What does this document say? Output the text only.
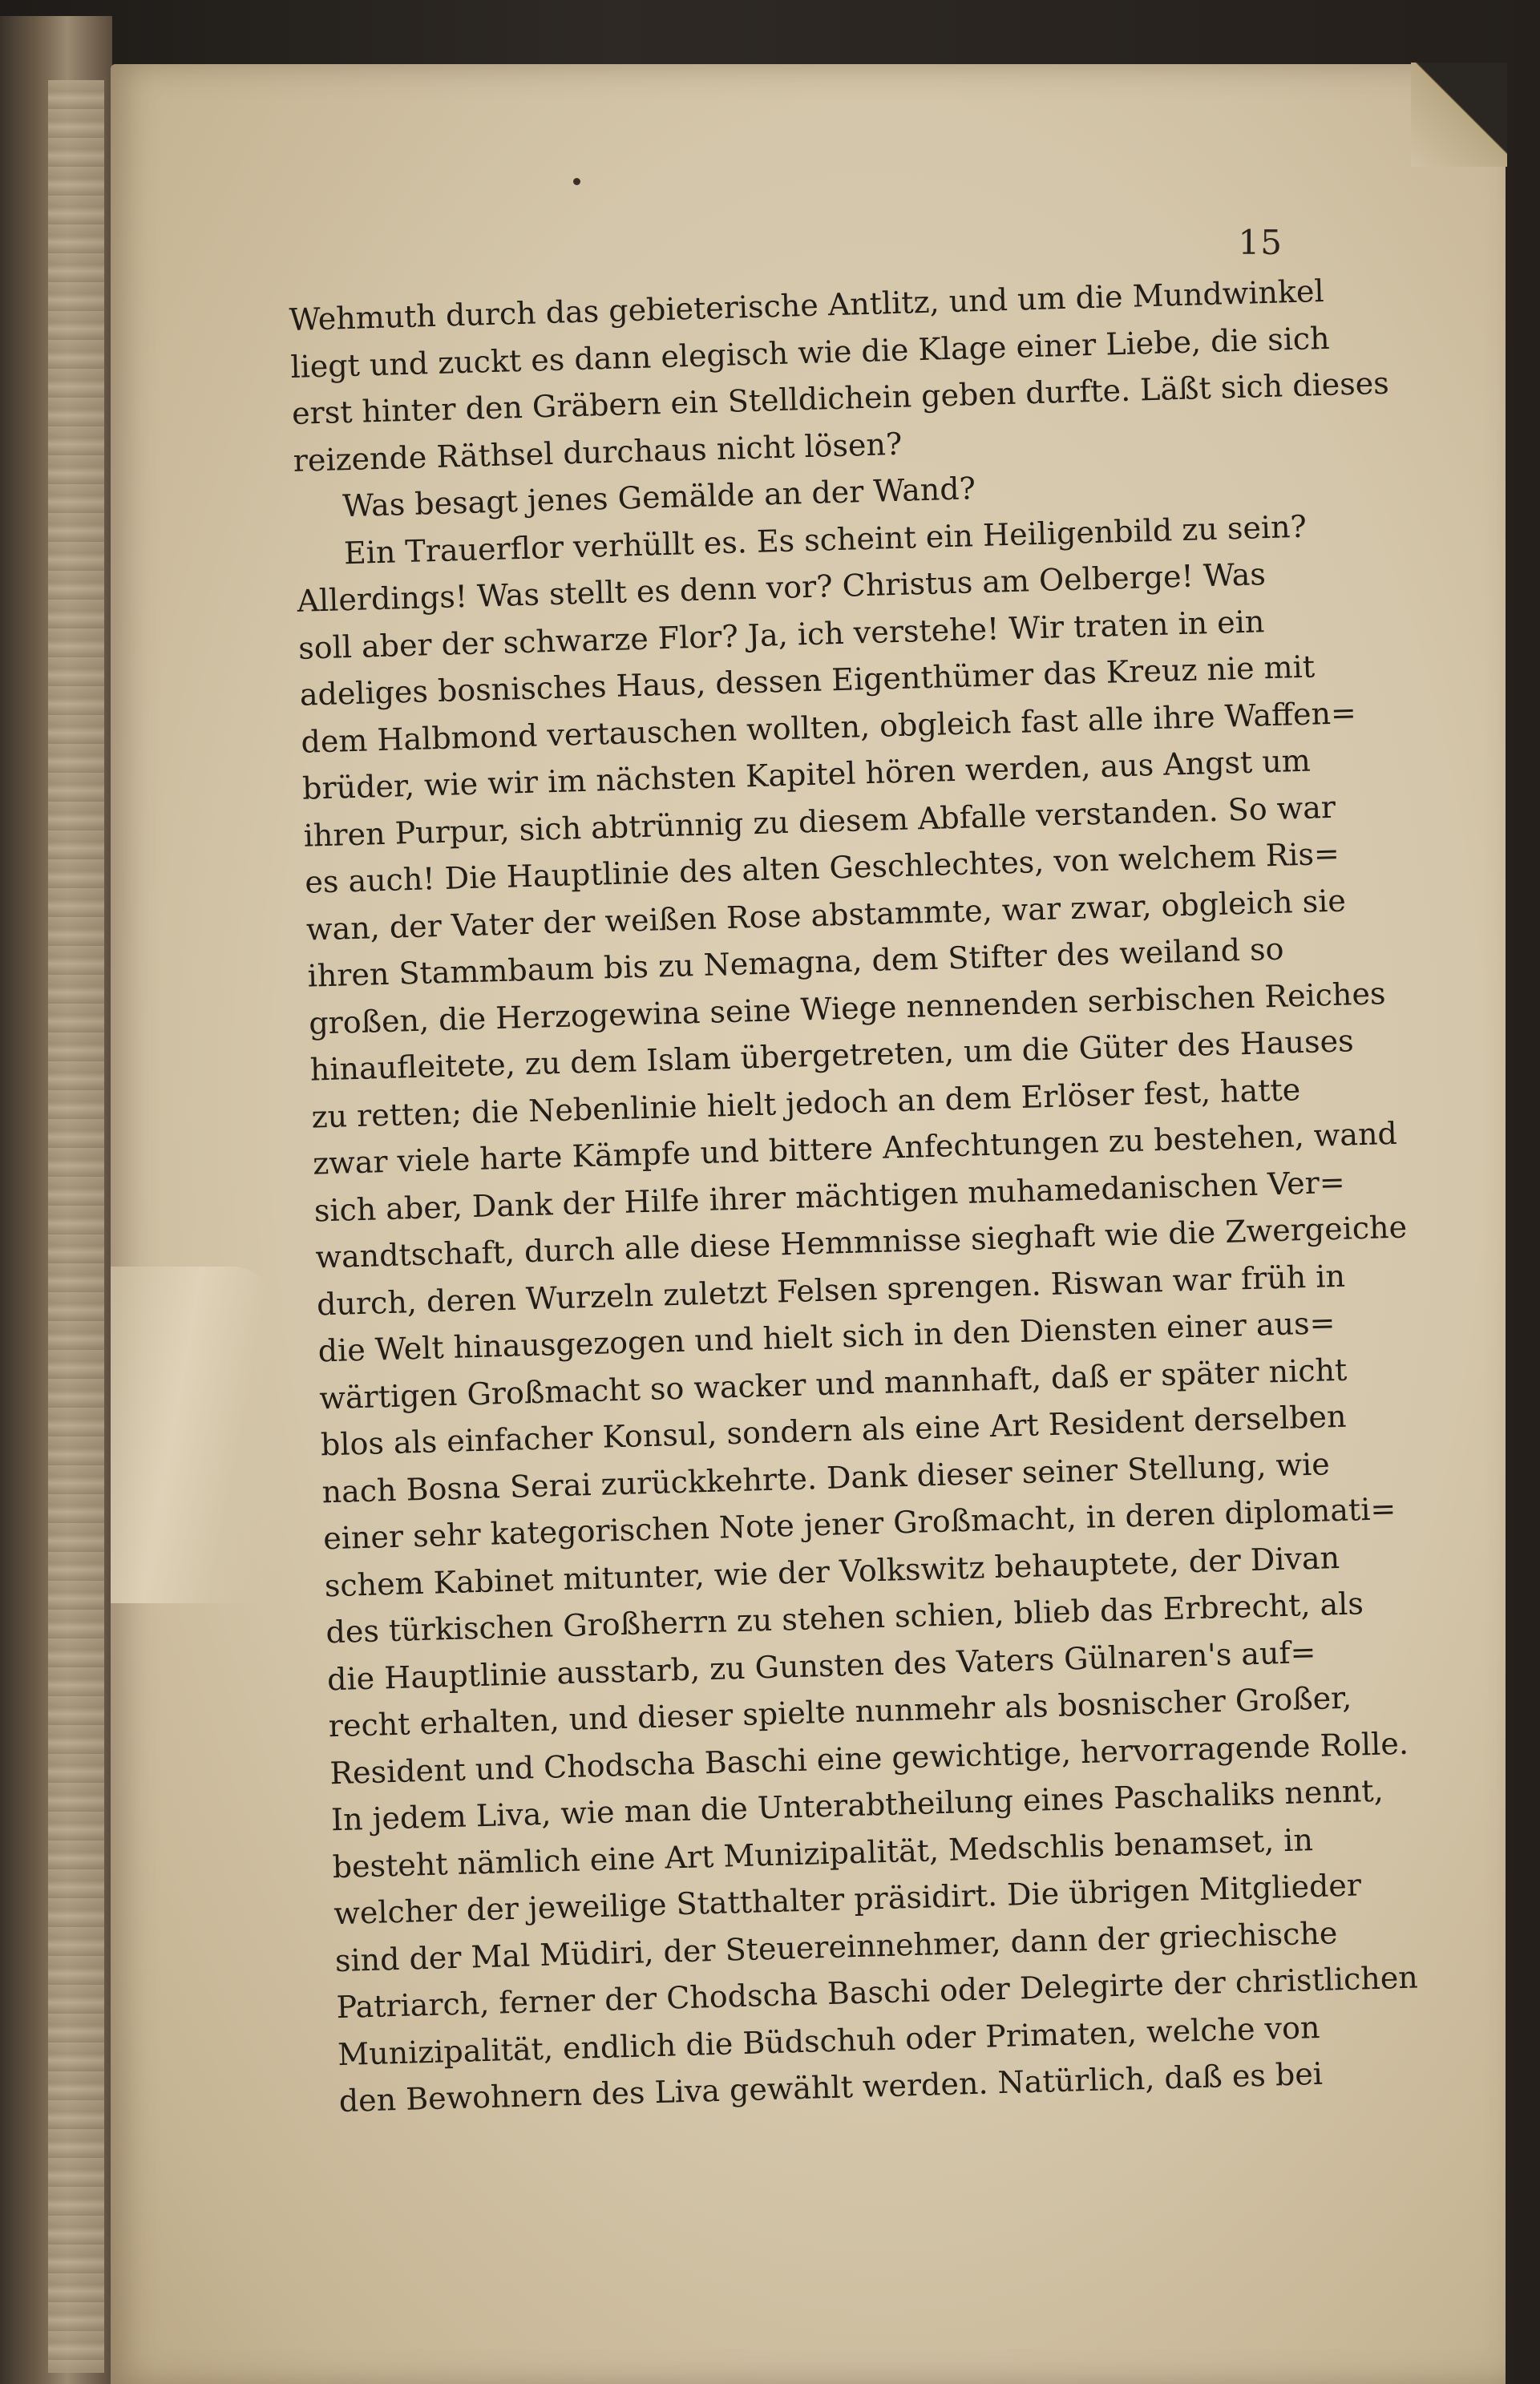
15
Wehmuth durch das gebieterische Antlitz, und um die Mundwinkel
liegt und zuckt es dann elegisch wie die Klage einer Liebe, die sich
erst hinter den Gräbern ein Stelldichein geben durfte. Läßt sich dieses
reizende Räthsel durchaus nicht lösen?
Was besagt jenes Gemälde an der Wand?
Ein Trauerflor verhüllt es. Es scheint ein Heiligenbild zu sein?
Allerdings! Was stellt es denn vor? Christus am Oelberge! Was
soll aber der schwarze Flor? Ja, ich verstehe! Wir traten in ein
adeliges bosnisches Haus, dessen Eigenthümer das Kreuz nie mit
dem Halbmond vertauschen wollten, obgleich fast alle ihre Waffen=
brüder, wie wir im nächsten Kapitel hören werden, aus Angst um
ihren Purpur, sich abtrünnig zu diesem Abfalle verstanden. So war
es auch! Die Hauptlinie des alten Geschlechtes, von welchem Ris=
wan, der Vater der weißen Rose abstammte, war zwar, obgleich sie
ihren Stammbaum bis zu Nemagna, dem Stifter des weiland so
großen, die Herzogewina seine Wiege nennenden serbischen Reiches
hinaufleitete, zu dem Islam übergetreten, um die Güter des Hauses
zu retten; die Nebenlinie hielt jedoch an dem Erlöser fest, hatte
zwar viele harte Kämpfe und bittere Anfechtungen zu bestehen, wand
sich aber, Dank der Hilfe ihrer mächtigen muhamedanischen Ver=
wandtschaft, durch alle diese Hemmnisse sieghaft wie die Zwergeiche
durch, deren Wurzeln zuletzt Felsen sprengen. Riswan war früh in
die Welt hinausgezogen und hielt sich in den Diensten einer aus=
wärtigen Großmacht so wacker und mannhaft, daß er später nicht
blos als einfacher Konsul, sondern als eine Art Resident derselben
nach Bosna Serai zurückkehrte. Dank dieser seiner Stellung, wie
einer sehr kategorischen Note jener Großmacht, in deren diplomati=
schem Kabinet mitunter, wie der Volkswitz behauptete, der Divan
des türkischen Großherrn zu stehen schien, blieb das Erbrecht, als
die Hauptlinie ausstarb, zu Gunsten des Vaters Gülnaren's auf=
recht erhalten, und dieser spielte nunmehr als bosnischer Großer,
Resident und Chodscha Baschi eine gewichtige, hervorragende Rolle.
In jedem Liva, wie man die Unterabtheilung eines Paschaliks nennt,
besteht nämlich eine Art Munizipalität, Medschlis benamset, in
welcher der jeweilige Statthalter präsidirt. Die übrigen Mitglieder
sind der Mal Müdiri, der Steuereinnehmer, dann der griechische
Patriarch, ferner der Chodscha Baschi oder Delegirte der christlichen
Munizipalität, endlich die Büdschuh oder Primaten, welche von
den Bewohnern des Liva gewählt werden. Natürlich, daß es bei
